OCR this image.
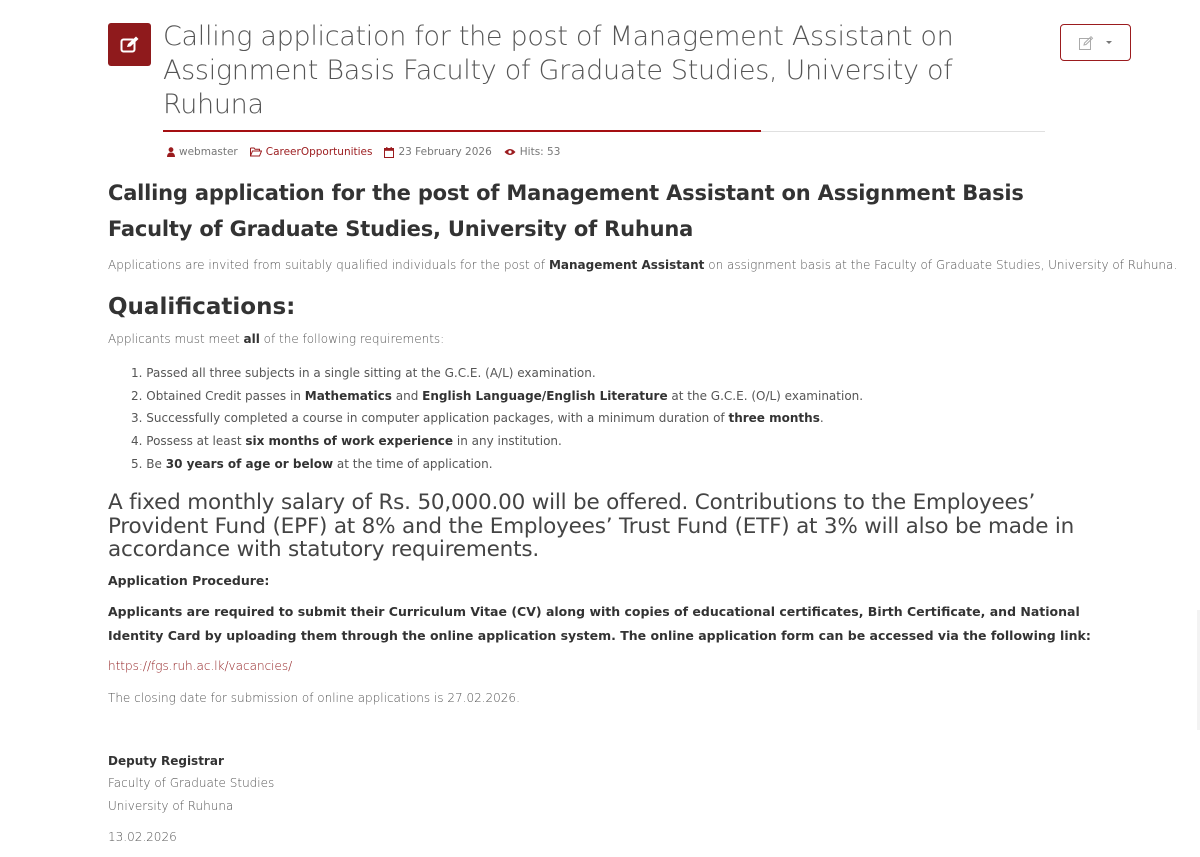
Calling application for the post of Management Assistant on
Assignment Basis Faculty of Graduate Studies, University of
Ruhuna
webmaster	CareerOpportunities 23 February 2026	Hits: 53
Calling application for the post of Management Assistant on Assignment Basis
Faculty of Graduate Studies, University of Ruhuna

Applications are invited from suitably qualified individuals for the post of Management Assistant on assignment basis at the Faculty of Graduate Studies, University of Ruhuna.

Qualifications:

Applicants must meet all of the following requirements:

1. Passed all three subjects in a single sitting at the G.C.E. (A/L) examination.
2. Obtained Credit passes in Mathematics and English Language/English Literature at the G.C.E. (O/L) examination.
3. Successfully completed a course in computer application packages, with a minimum duration of three months.
4. Possess at least six months of work experience in any institution.
5. Be 30 years of age or below at the time of application.

A fixed monthly salary of Rs. 50,000.00 will be offered. Contributions to the Employees’ Provident Fund (EPF) at 8% and the Employees’ Trust Fund (ETF) at 3% will also be made in accordance with statutory requirements.

Application Procedure:

Applicants are required to submit their Curriculum Vitae (CV) along with copies of educational certificates, Birth Certificate, and National Identity Card by uploading them through the online application system. The online application form can be accessed via the following link:

https://fgs.ruh.ac.lk/vacancies/

The closing date for submission of online applications is 27.02.2026.

Deputy Registrar

Faculty of Graduate Studies

University of Ruhuna

13.02.2026
